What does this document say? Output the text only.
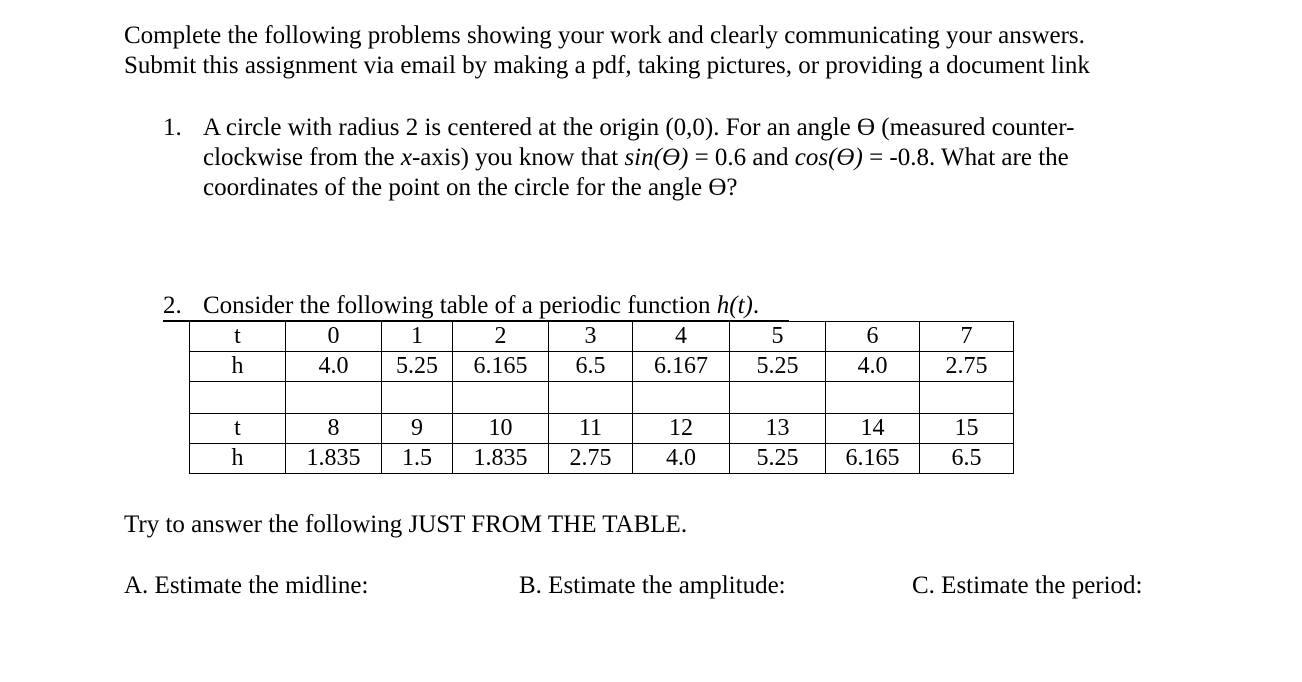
Complete the following problems showing your work and clearly communicating your answers.
Submit this assignment via email by making a pdf, taking pictures, or providing a document link
1. A circle with radius 2 is centered at the origin (0,0). For an angle ϴ (measured counter-
clockwise from the x-axis) you know that sin(ϴ) = 0.6 and cos(ϴ) = -0.8. What are the
coordinates of the point on the circle for the angle ϴ?
2. Consider the following table of a periodic function h(t).
t	0	1	2	3	4	5	6	7
h	4.0	5.25	6.165	6.5	6.167	5.25	4.0	2.75

t	8	9	10	11	12	13	14	15
h	1.835	1.5	1.835	2.75	4.0	5.25	6.165	6.5
Try to answer the following JUST FROM THE TABLE.
A. Estimate the midline:	B. Estimate the amplitude:	C. Estimate the period:
